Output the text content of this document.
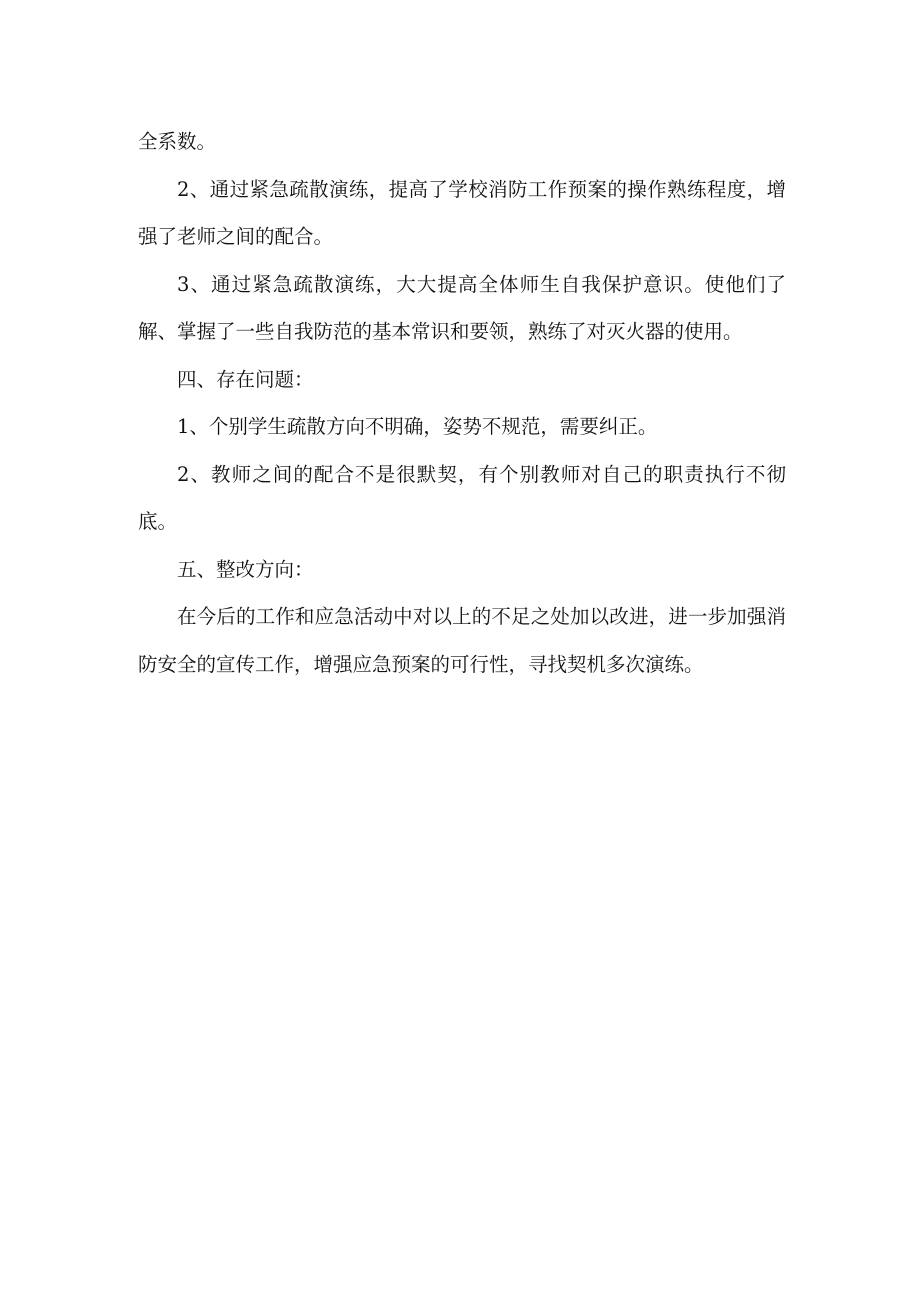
全系数。

2、通过紧急疏散演练，提高了学校消防工作预案的操作熟练程度，增强了老师之间的配合。

3、通过紧急疏散演练，大大提高全体师生自我保护意识。使他们了解、掌握了一些自我防范的基本常识和要领，熟练了对灭火器的使用。

四、存在问题：

1、个别学生疏散方向不明确，姿势不规范，需要纠正。

2、教师之间的配合不是很默契，有个别教师对自己的职责执行不彻底。

五、整改方向：

在今后的工作和应急活动中对以上的不足之处加以改进，进一步加强消防安全的宣传工作，增强应急预案的可行性，寻找契机多次演练。
